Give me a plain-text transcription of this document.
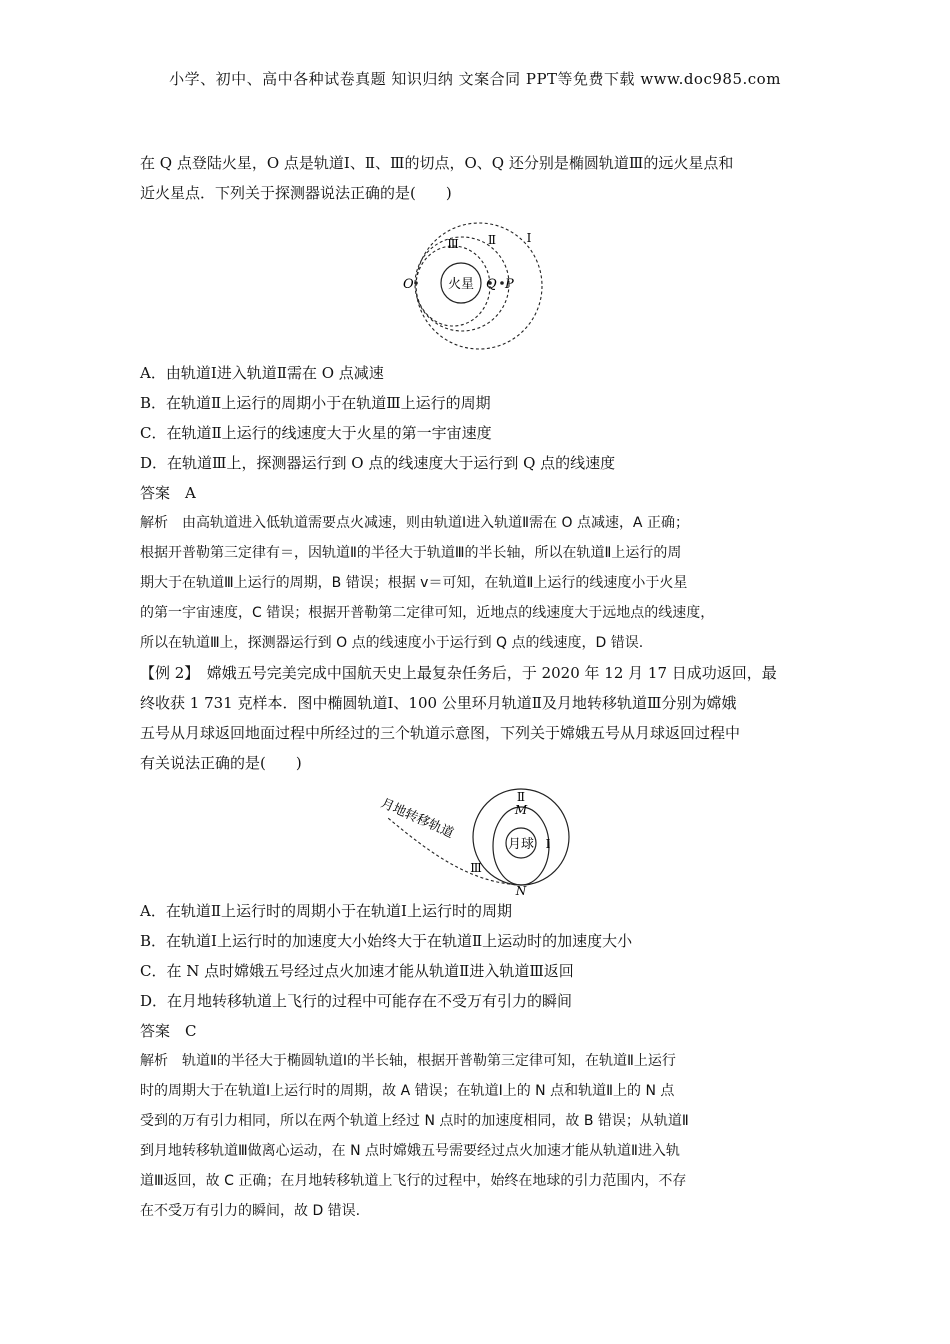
小学、初中、高中各种试卷真题 知识归纳 文案合同 PPT等免费下载 www.doc985.com
在 Q 点登陆火星，O 点是轨道Ⅰ、Ⅱ、Ⅲ的切点，O、Q 还分别是椭圆轨道Ⅲ的远火星点和
近火星点．下列关于探测器说法正确的是(　　)
火星
O	Q P
Ⅲ Ⅱ	Ⅰ
A．由轨道Ⅰ进入轨道Ⅱ需在 O 点减速
B．在轨道Ⅱ上运行的周期小于在轨道Ⅲ上运行的周期
C．在轨道Ⅱ上运行的线速度大于火星的第一宇宙速度
D．在轨道Ⅲ上，探测器运行到 O 点的线速度大于运行到 Q 点的线速度
答案　 A
解析　由高轨道进入低轨道需要点火减速，则由轨道Ⅰ进入轨道Ⅱ需在 O 点减速，A 正确；
根据开普勒第三定律有＝，因轨道Ⅱ的半径大于轨道Ⅲ的半长轴，所以在轨道Ⅱ上运行的周
期大于在轨道Ⅲ上运行的周期，B 错误；根据 v＝可知，在轨道Ⅱ上运行的线速度小于火星
的第一宇宙速度，C 错误；根据开普勒第二定律可知，近地点的线速度大于远地点的线速度，
所以在轨道Ⅲ上，探测器运行到 O 点的线速度小于运行到 Q 点的线速度，D 错误.
【例 2】　嫦娥五号完美完成中国航天史上最复杂任务后，于 2020 年 12 月 17 日成功返回，最
终收获 1 731 克样本．图中椭圆轨道Ⅰ、100 公里环月轨道Ⅱ及月地转移轨道Ⅲ分别为嫦娥
五号从月球返回地面过程中所经过的三个轨道示意图，下列关于嫦娥五号从月球返回过程中
有关说法正确的是(　　)
月球
月地转移轨道	Ⅱ
M
Ⅰ
Ⅲ
N
A．在轨道Ⅱ上运行时的周期小于在轨道Ⅰ上运行时的周期
B．在轨道Ⅰ上运行时的加速度大小始终大于在轨道Ⅱ上运动时的加速度大小
C．在 N 点时嫦娥五号经过点火加速才能从轨道Ⅱ进入轨道Ⅲ返回
D．在月地转移轨道上飞行的过程中可能存在不受万有引力的瞬间
答案　 C
解析　轨道Ⅱ的半径大于椭圆轨道Ⅰ的半长轴，根据开普勒第三定律可知，在轨道Ⅱ上运行
时的周期大于在轨道Ⅰ上运行时的周期，故 A 错误；在轨道Ⅰ上的 N 点和轨道Ⅱ上的 N 点
受到的万有引力相同，所以在两个轨道上经过 N 点时的加速度相同，故 B 错误；从轨道Ⅱ
到月地转移轨道Ⅲ做离心运动，在 N 点时嫦娥五号需要经过点火加速才能从轨道Ⅱ进入轨
道Ⅲ返回，故 C 正确；在月地转移轨道上飞行的过程中，始终在地球的引力范围内，不存
在不受万有引力的瞬间，故 D 错误.
